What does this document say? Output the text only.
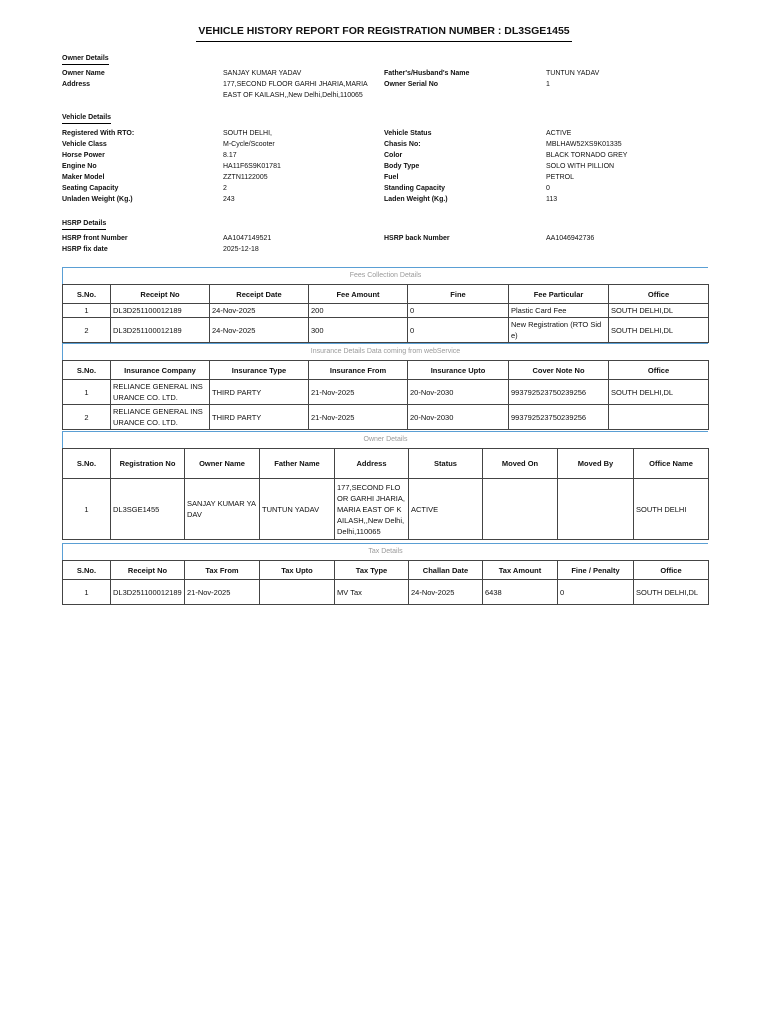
VEHICLE HISTORY REPORT FOR REGISTRATION NUMBER : DL3SGE1455
Owner Details
Owner Name	SANJAY KUMAR YADAV	Father's/Husband's Name	TUNTUN YADAV
Address	177,SECOND FLOOR GARHI JHARIA,MARIA EAST OF KAILASH,,New Delhi,Delhi,110065
Owner Serial No	1
Vehicle Details
Registered With RTO:	SOUTH DELHI,	Vehicle Status	ACTIVE
Vehicle Class	M-Cycle/Scooter	Chasis No:	MBLHAW52XS9K01335
Horse Power	8.17	Color	BLACK TORNADO GREY
Engine No	HA11F6S9K01781	Body Type	SOLO WITH PILLION
Maker Model	ZZTN1122005	Fuel	PETROL
Seating Capacity	2	Standing Capacity	0
Unladen Weight (Kg.)	243	Laden Weight (Kg.)	113
HSRP Details
HSRP front Number	AA1047149521	HSRP back Number	AA1046942736
HSRP fix date	2025-12-18
Fees Collection Details
S.No.	Receipt No	Receipt Date	Fee Amount	Fine	Fee Particular	Office
1	DL3D251100012189	24-Nov-2025	200	0	Plastic Card Fee	SOUTH DELHI,DL
2	DL3D251100012189	24-Nov-2025	300	0	New Registration (RTO Side)	SOUTH DELHI,DL
Insurance Details Data coming from webService
S.No.	Insurance Company	Insurance Type	Insurance From	Insurance Upto	Cover Note No	Office
1	RELIANCE GENERAL INSURANCE CO. LTD.	THIRD PARTY	21-Nov-2025	20-Nov-2030	993792523750239256	SOUTH DELHI,DL
2	RELIANCE GENERAL INSURANCE CO. LTD.	THIRD PARTY	21-Nov-2025	20-Nov-2030	993792523750239256	
Owner Details
S.No.	Registration No	Owner Name	Father Name	Address	Status	Moved On	Moved By	Office Name
1	DL3SGE1455	SANJAY KUMAR YADAV	TUNTUN YADAV	177,SECOND FLOOR GARHI JHARIA,MARIA EAST OF KAILASH,,New Delhi,Delhi,110065	ACTIVE			SOUTH DELHI
Tax Details
S.No.	Receipt No	Tax From	Tax Upto	Tax Type	Challan Date	Tax Amount	Fine / Penalty	Office
1	DL3D251100012189	21-Nov-2025		MV Tax	24-Nov-2025	6438	0	SOUTH DELHI,DL
